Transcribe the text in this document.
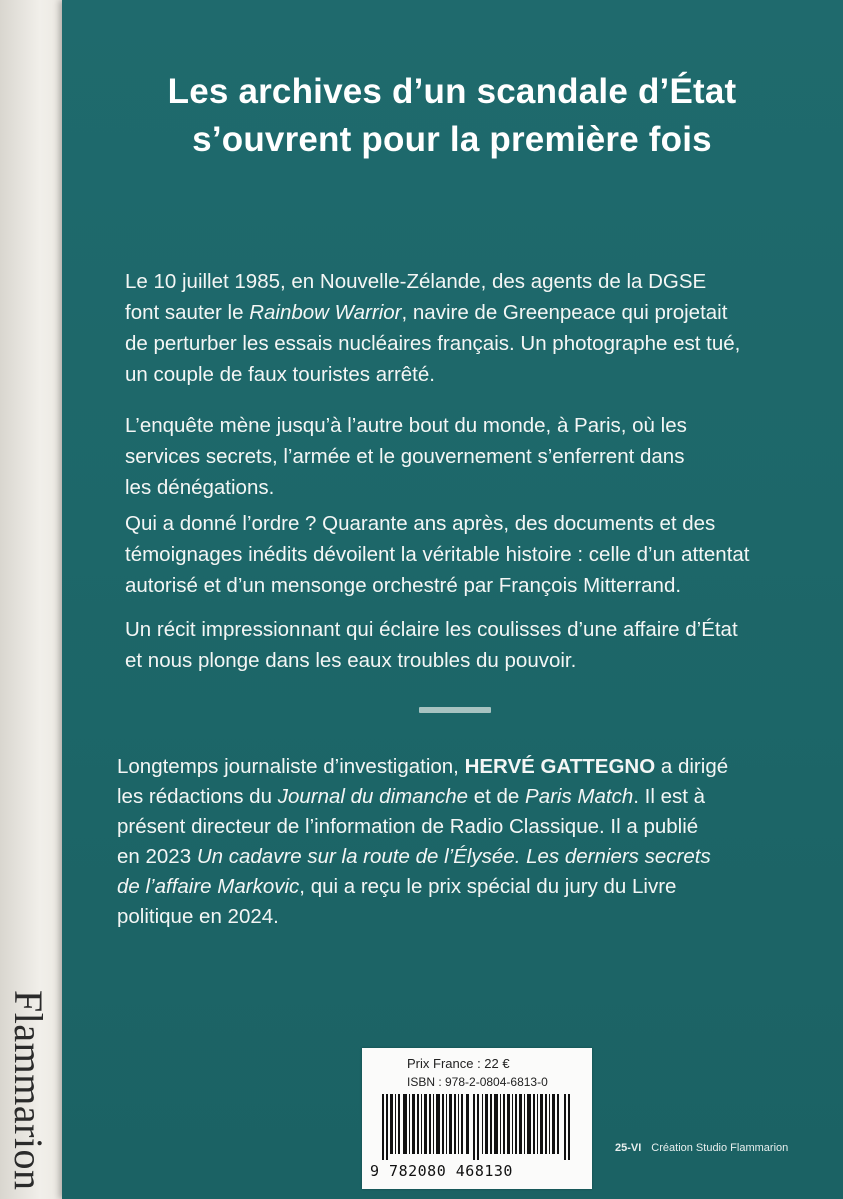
Flammarion
Les archives d’un scandale d’État
s’ouvrent pour la première fois
Le 10 juillet 1985, en Nouvelle-Zélande, des agents de la DGSE
font sauter le Rainbow Warrior, navire de Greenpeace qui projetait
de perturber les essais nucléaires français. Un photographe est tué,
un couple de faux touristes arrêté.
L’enquête mène jusqu’à l’autre bout du monde, à Paris, où les
services secrets, l’armée et le gouvernement s’enferrent dans
les dénégations.
Qui a donné l’ordre ? Quarante ans après, des documents et des
témoignages inédits dévoilent la véritable histoire : celle d’un attentat
autorisé et d’un mensonge orchestré par François Mitterrand.
Un récit impressionnant qui éclaire les coulisses d’une affaire d’État
et nous plonge dans les eaux troubles du pouvoir.
Longtemps journaliste d’investigation, HERVÉ GATTEGNO a dirigé
les rédactions du Journal du dimanche et de Paris Match. Il est à
présent directeur de l’information de Radio Classique. Il a publié
en 2023 Un cadavre sur la route de l’Élysée. Les derniers secrets
de l’affaire Markovic, qui a reçu le prix spécial du jury du Livre
politique en 2024.
Prix France : 22 €
ISBN : 978-2-0804-6813-0
9 782080 468130
25-VI Création Studio Flammarion
